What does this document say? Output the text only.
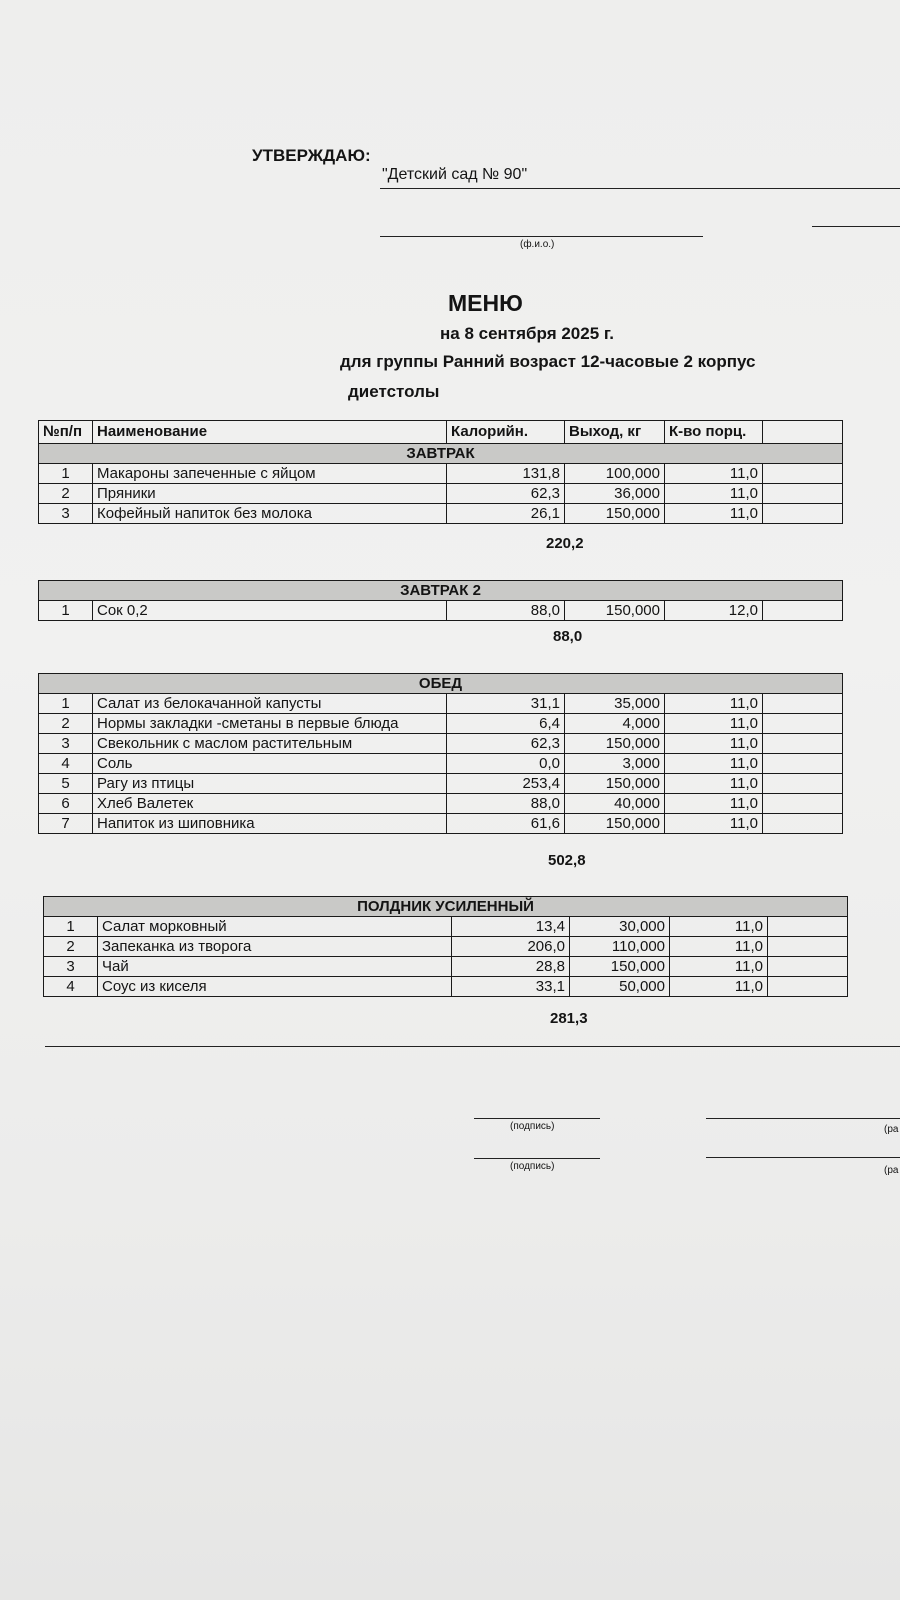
УТВЕРЖДАЮ:
"Детский сад № 90"
(ф.и.о.)
МЕНЮ
на 8 сентября 2025 г.
для группы Ранний возраст 12-часовые 2 корпус
диетстолы
№п/п	Наименование	Калорийн.	Выход, кг	К-во порц.	
ЗАВТРАК					
1	Макароны запеченные с яйцом	131,8	100,000	11,0	
2	Пряники	62,3	36,000	11,0	
3	Кофейный напиток без молока	26,1	150,000	11,0	
220,2
ЗАВТРАК 2
1	Сок 0,2	88,0	150,000	12,0	
88,0
ОБЕД					
1	Салат из белокачанной капусты	31,1	35,000	11,0	
2	Нормы закладки -сметаны в первые блюда	6,4	4,000	11,0	
3	Свекольник с маслом растительным	62,3	150,000	11,0	
4	Соль	0,0	3,000	11,0	
5	Рагу из птицы	253,4	150,000	11,0	
6	Хлеб Валетек	88,0	40,000	11,0	
7	Напиток из шиповника	61,6	150,000	11,0	
502,8
ПОЛДНИК УСИЛЕННЫЙ					
1	Салат морковный	13,4	30,000	11,0	
2	Запеканка из творога	206,0	110,000	11,0	
3	Чай	28,8	150,000	11,0	
4	Соус из киселя	33,1	50,000	11,0	
281,3
(подпись)	(ра
(подпись)	(ра
